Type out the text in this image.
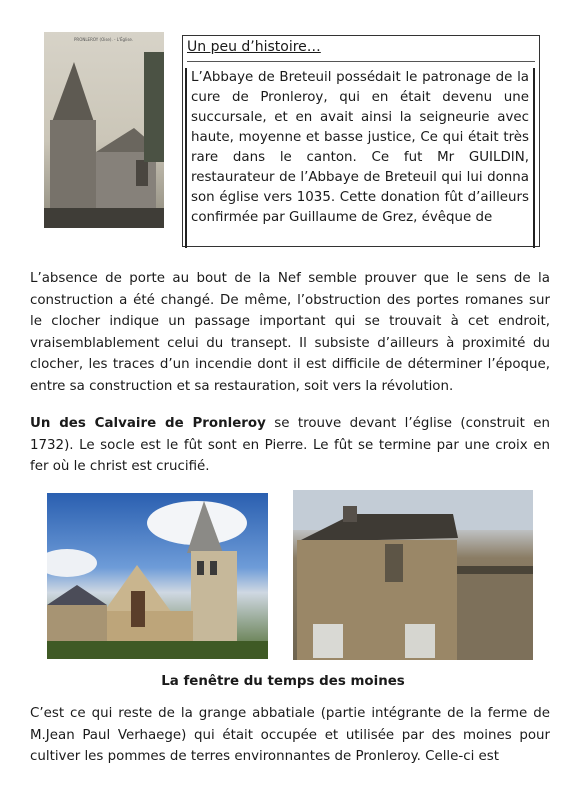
PRONLEROY (Oise). - L'Église.	Un peu d’histoire…
L’Abbaye de Breteuil possédait le patronage de la cure de Pronleroy, qui en était devenu une succursale, et en avait ainsi la seigneurie avec haute, moyenne et basse justice, Ce qui était très rare dans le canton. Ce fut Mr GUILDIN, restaurateur de l’Abbaye de Breteuil qui lui donna son église vers 1035. Cette donation fût d’ailleurs confirmée par Guillaume de Grez, évêque de
L’absence de porte au bout de la Nef semble prouver que le sens de la construction a été changé. De même, l’obstruction des portes romanes sur le clocher indique un passage important qui se trouvait à cet endroit, vraisemblablement celui du transept. Il subsiste d’ailleurs à proximité du clocher, les traces d’un incendie dont il est difficile de déterminer l’époque, entre sa construction et sa restauration, soit vers la révolution.
Un des Calvaire de Pronleroy se trouve devant l’église (construit en 1732). Le socle est le fût sont en Pierre. Le fût se termine par une croix en fer où le christ est crucifié.
La fenêtre du temps des moines
C’est ce qui reste de la grange abbatiale (partie intégrante de la ferme de M.Jean Paul Verhaege) qui était occupée et utilisée par des moines pour cultiver les pommes de terres environnantes de Pronleroy. Celle-ci est
